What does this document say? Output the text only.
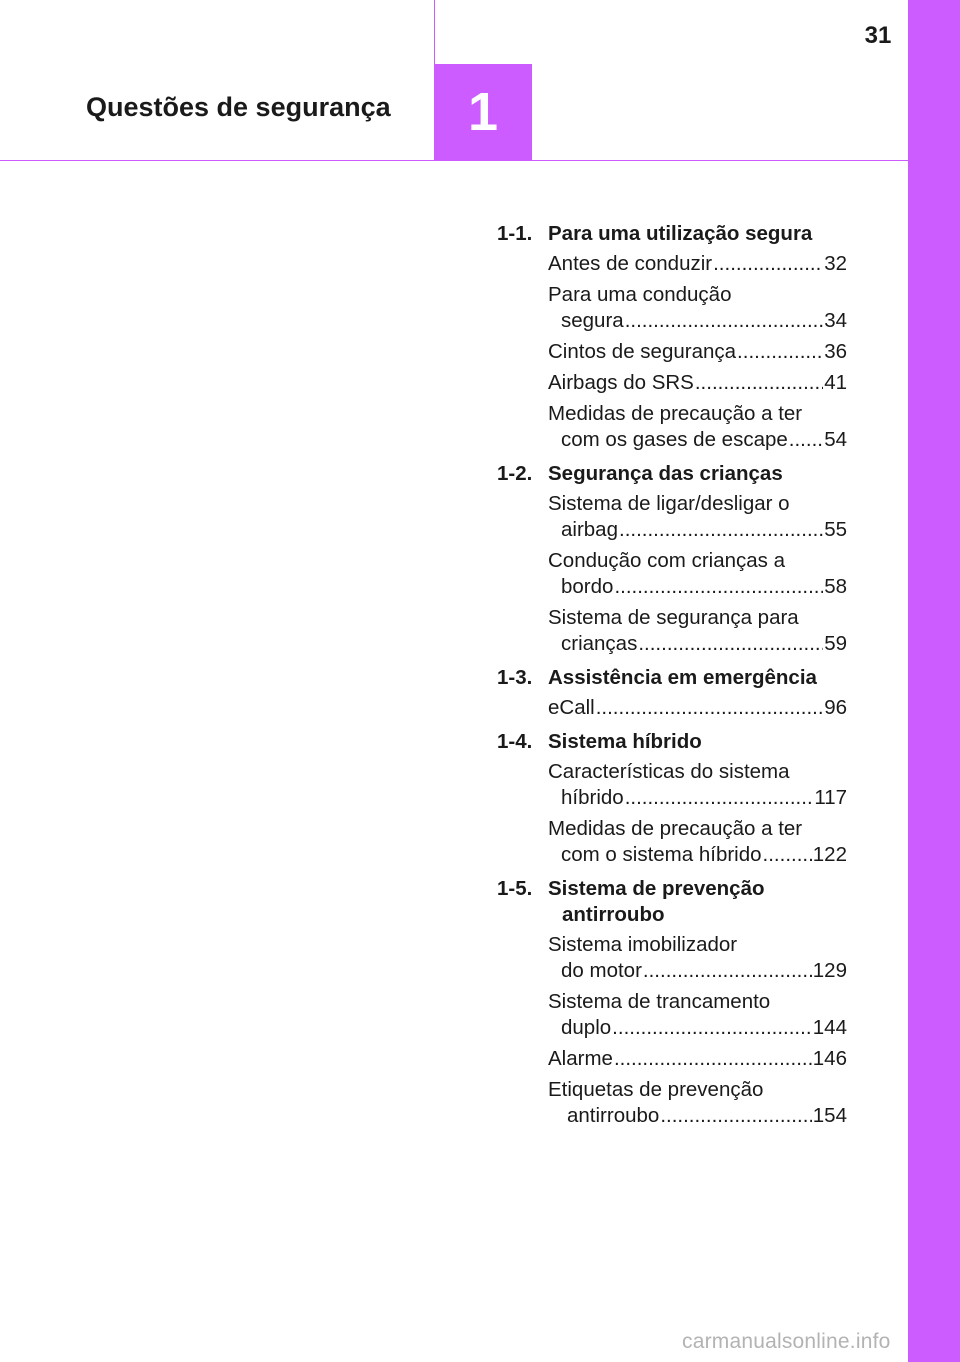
31
1
Questões de segurança
1-1. Para uma utilização segura
Antes de conduzir .....	32
Para uma condução
segura .....	34
Cintos de segurança .....	36
Airbags do SRS .....	41
Medidas de precaução a ter
com os gases de escape ..... 54
1-2. Segurança das crianças
Sistema de ligar/desligar o
airbag .....	55
Condução com crianças a
bordo .....	58
Sistema de segurança para
crianças .....	59
1-3. Assistência em emergência
eCall .....	96
1-4. Sistema híbrido
Características do sistema
híbrido .....	117
Medidas de precaução a ter
com o sistema híbrido .....	122
1-5. Sistema de prevenção antirroubo
Sistema imobilizador
do motor .....	129
Sistema de trancamento
duplo .....	144
Alarme .....	146
Etiquetas de prevenção
antirroubo .....	154
carmanualsonline.info
